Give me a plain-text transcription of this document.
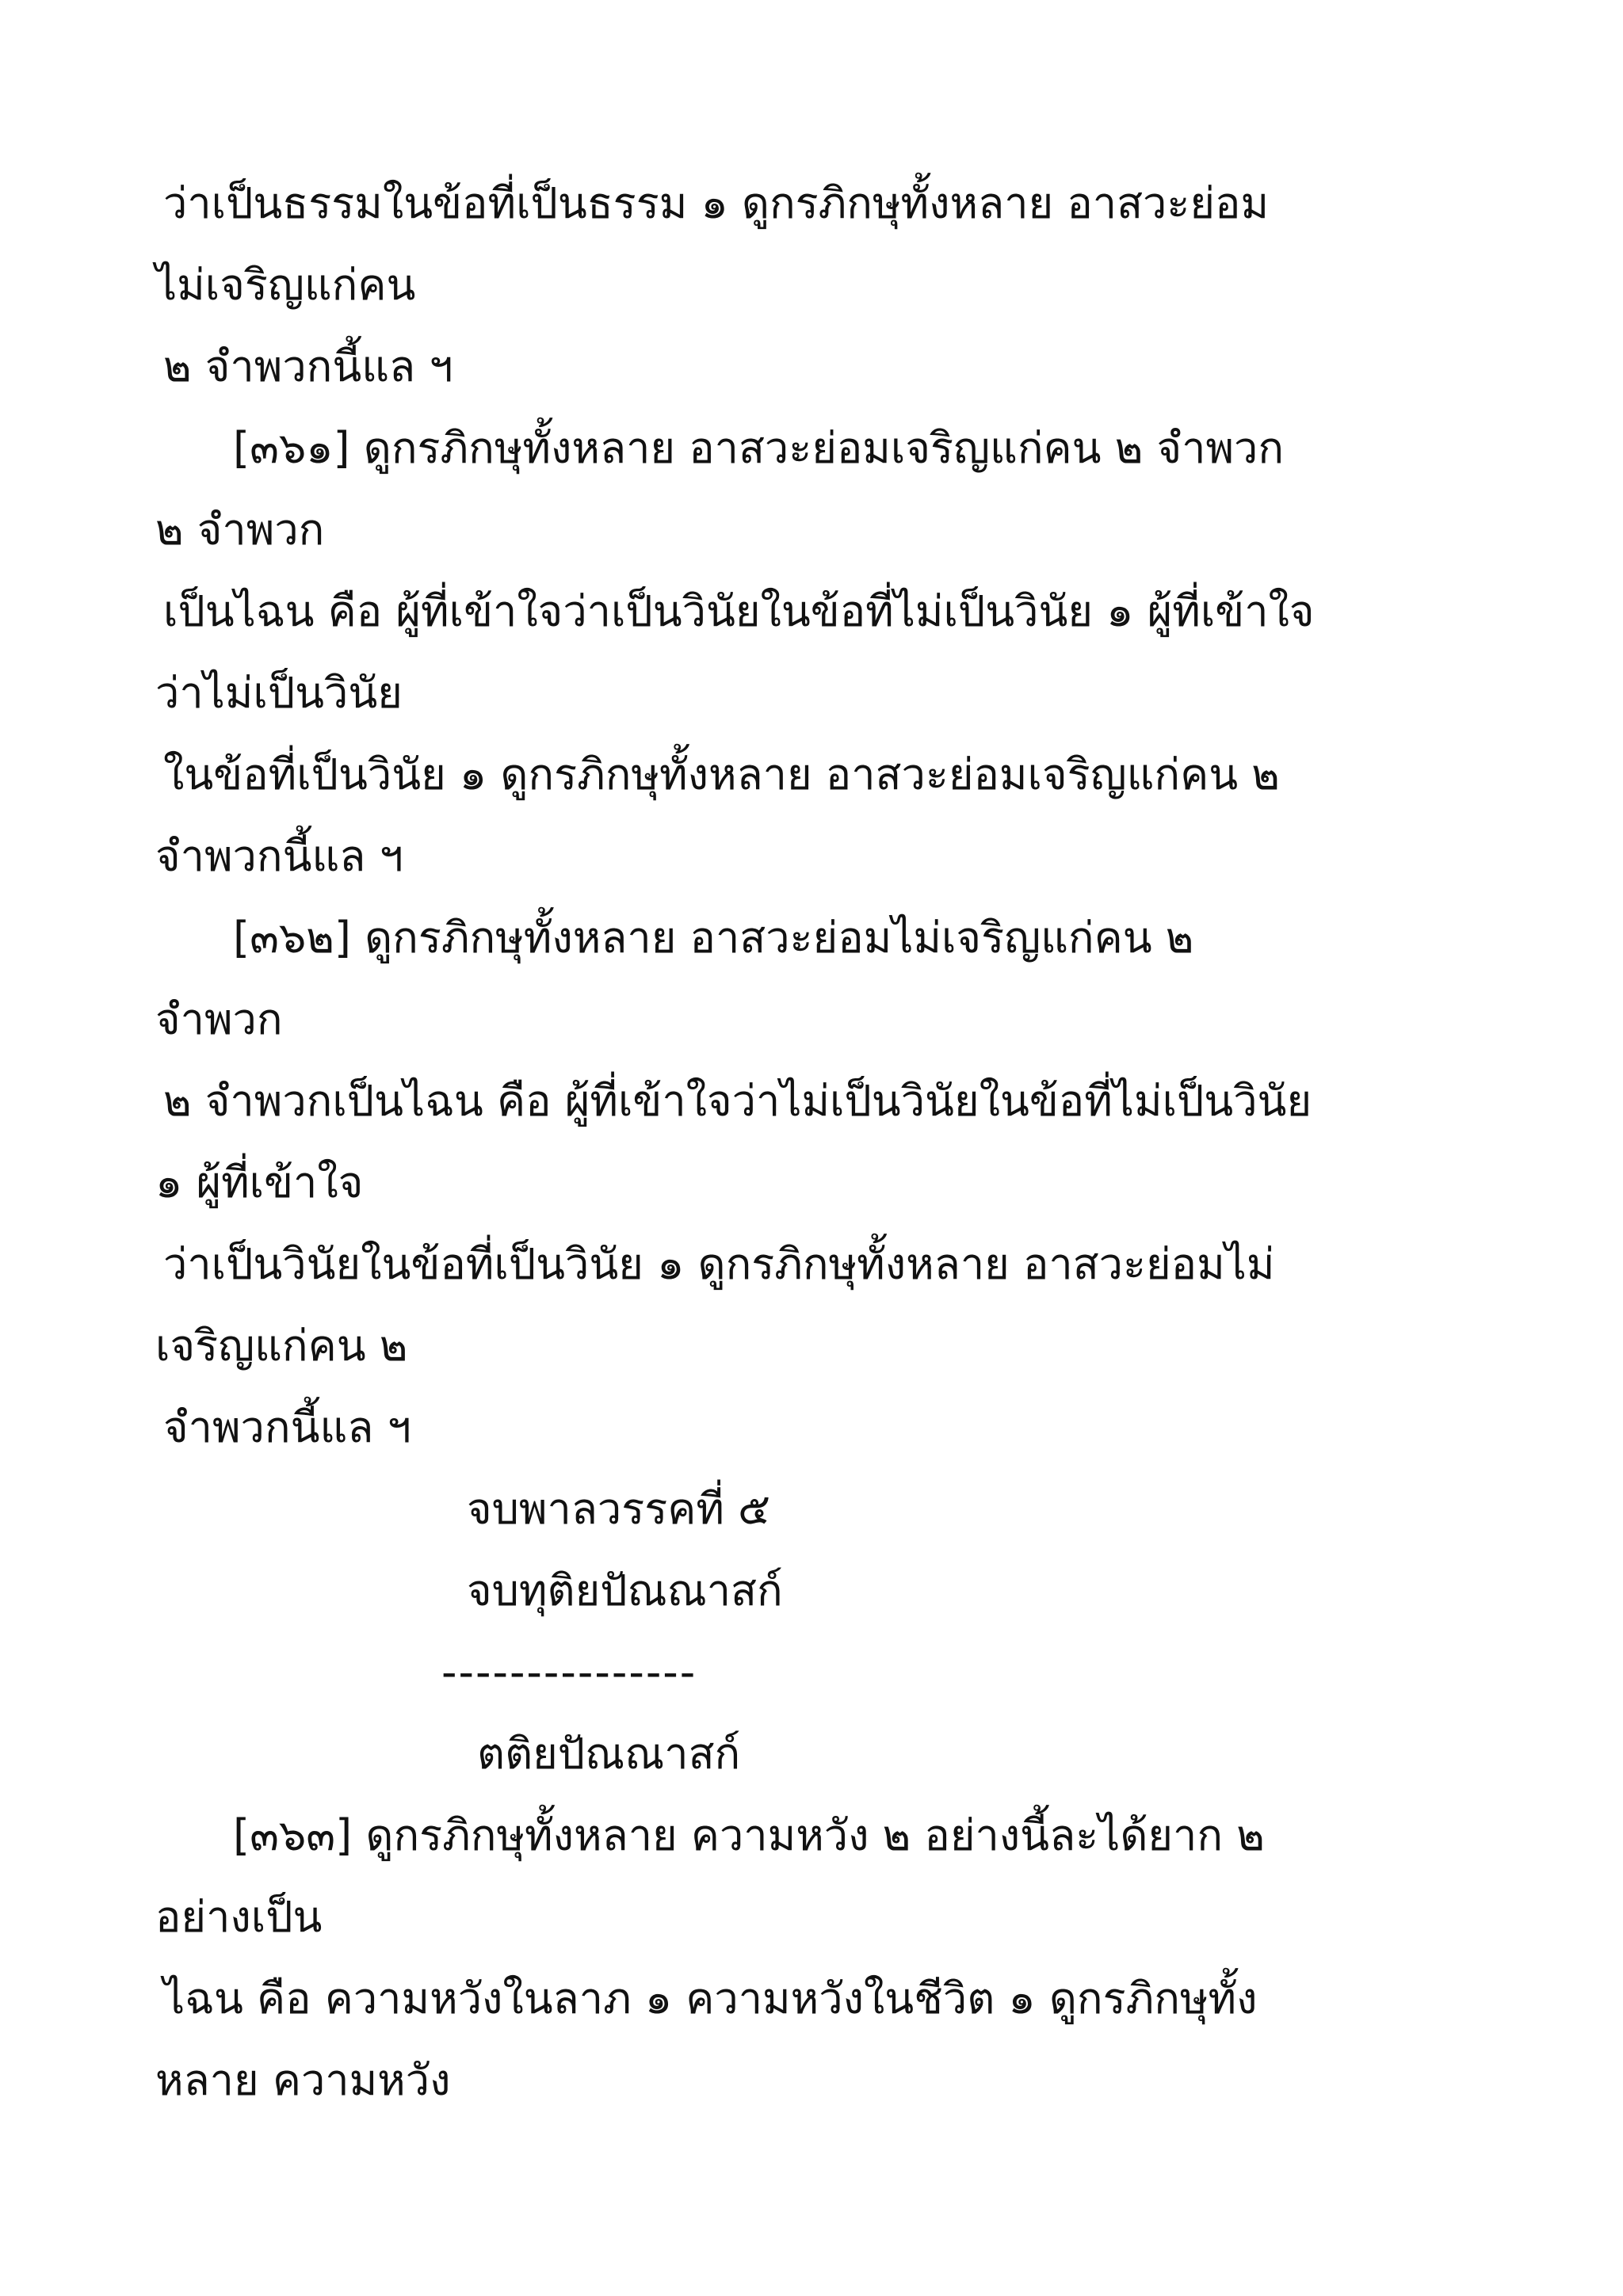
ว่าเป็นธรรมในข้อที่เป็นธรรม ๑ ดูกรภิกษุทั้งหลาย อาสวะย่อม
ไม่เจริญแก่คน
๒ จำพวกนี้แล ฯ
[๓๖๑] ดูกรภิกษุทั้งหลาย อาสวะย่อมเจริญแก่คน ๒ จำพวก
๒ จำพวก
เป็นไฉน คือ ผู้ที่เข้าใจว่าเป็นวินัยในข้อที่ไม่เป็นวินัย ๑ ผู้ที่เข้าใจ
ว่าไม่เป็นวินัย
ในข้อที่เป็นวินัย ๑ ดูกรภิกษุทั้งหลาย อาสวะย่อมเจริญแก่คน ๒
จำพวกนี้แล ฯ
[๓๖๒] ดูกรภิกษุทั้งหลาย อาสวะย่อมไม่เจริญแก่คน ๒
จำพวก
๒ จำพวกเป็นไฉน คือ ผู้ที่เข้าใจว่าไม่เป็นวินัยในข้อที่ไม่เป็นวินัย
๑ ผู้ที่เข้าใจ
ว่าเป็นวินัยในข้อที่เป็นวินัย ๑ ดูกรภิกษุทั้งหลาย อาสวะย่อมไม่
เจริญแก่คน ๒
จำพวกนี้แล ฯ
จบพาลวรรคที่ ๕
จบทุติยปัณณาสก์
---------------
ตติยปัณณาสก์
[๓๖๓] ดูกรภิกษุทั้งหลาย ความหวัง ๒ อย่างนี้ละได้ยาก ๒
อย่างเป็น
ไฉน คือ ความหวังในลาภ ๑ ความหวังในชีวิต ๑ ดูกรภิกษุทั้ง
หลาย ความหวัง
